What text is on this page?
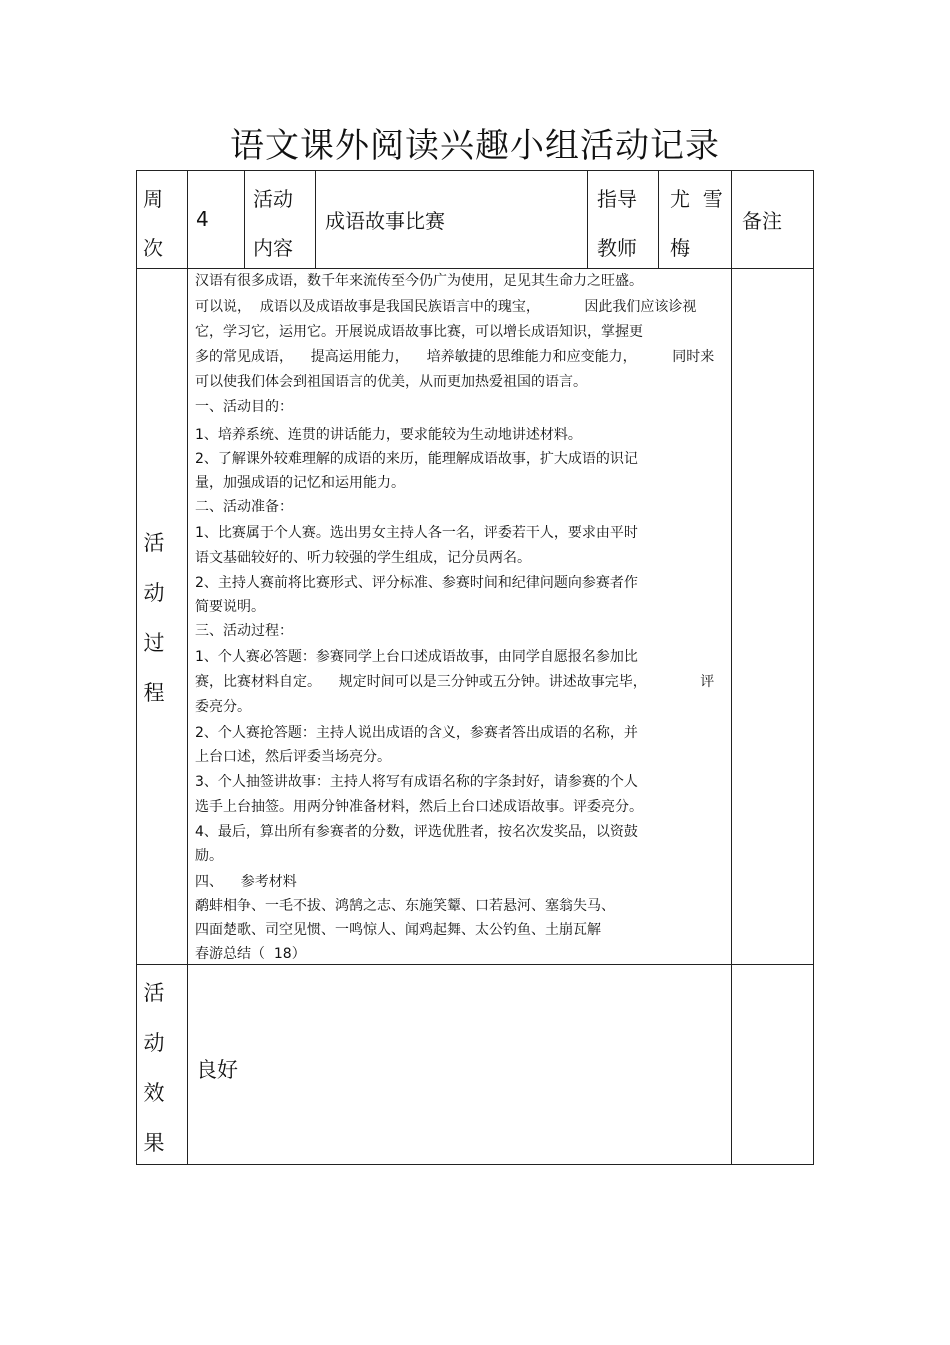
语文课外阅读兴趣小组活动记录
周
次
4
活动
内容
成语故事比赛
指导
教师
尤  雪
梅
备注
活
动
过
程
汉语有很多成语，数千年来流传至今仍广为使用，足见其生命力之旺盛。
可以说，  成语以及成语故事是我国民族语言中的瑰宝，          因此我们应该诊视
它，学习它，运用它。开展说成语故事比赛，可以增长成语知识，掌握更
多的常见成语，    提高运用能力，    培养敏捷的思维能力和应变能力，        同时来
可以使我们体会到祖国语言的优美，从而更加热爱祖国的语言。
一、活动目的：
1、培养系统、连贯的讲话能力，要求能较为生动地讲述材料。
2、了解课外较难理解的成语的来历，能理解成语故事，扩大成语的识记
量，加强成语的记忆和运用能力。
二、活动准备：
1、比赛属于个人赛。选出男女主持人各一名，评委若干人，要求由平时
语文基础较好的、听力较强的学生组成，记分员两名。
2、主持人赛前将比赛形式、评分标准、参赛时间和纪律问题向参赛者作
简要说明。
三、活动过程：
1、个人赛必答题：参赛同学上台口述成语故事，由同学自愿报名参加比
赛，比赛材料自定。    规定时间可以是三分钟或五分钟。讲述故事完毕，            评
委亮分。
2、个人赛抢答题：主持人说出成语的含义，参赛者答出成语的名称，并
上台口述，然后评委当场亮分。
3、个人抽签讲故事：主持人将写有成语名称的字条封好，请参赛的个人
选手上台抽签。用两分钟准备材料，然后上台口述成语故事。评委亮分。
4、最后，算出所有参赛者的分数，评选优胜者，按名次发奖品，以资鼓
励。
四、    参考材料
鹬蚌相争、一毛不拔、鸿鹄之志、东施笑颦、口若悬河、塞翁失马、
四面楚歌、司空见惯、一鸣惊人、闻鸡起舞、太公钓鱼、土崩瓦解
春游总结（  18）
活
动
效
果
良好
